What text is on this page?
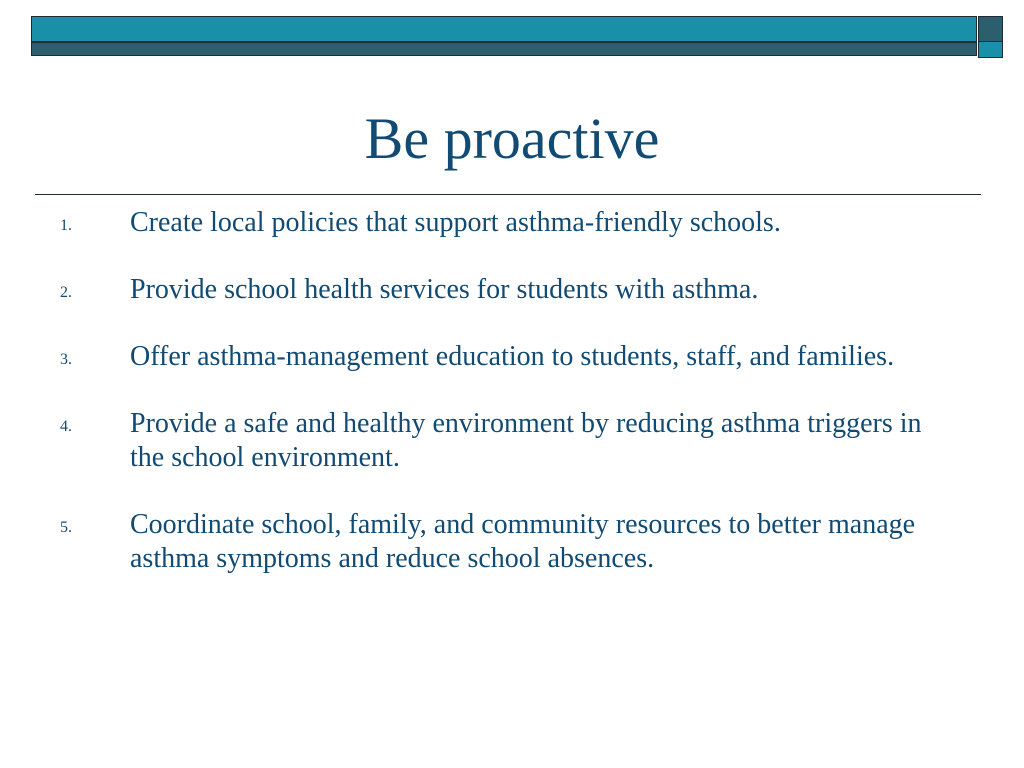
Be proactive
1.	Create local policies that support asthma-friendly schools.
2.	Provide school health services for students with asthma.
3.	Offer asthma-management education to students, staff, and families.
4.	Provide a safe and healthy environment by reducing asthma triggers in the school environment.
5.	Coordinate school, family, and community resources to better manage asthma symptoms and reduce school absences.
